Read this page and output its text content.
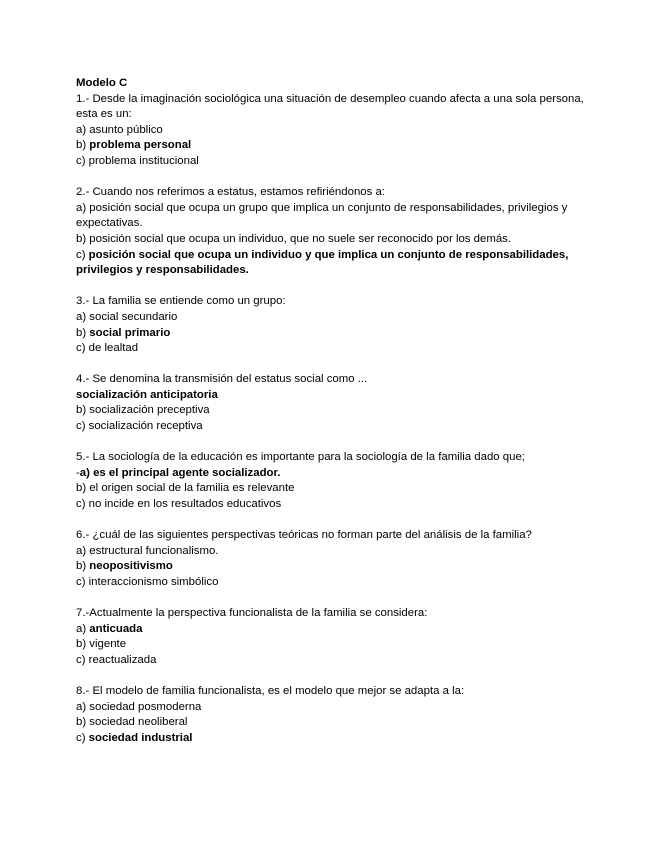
Modelo C

1.- Desde la imaginación sociológica una situación de desempleo cuando afecta a una sola persona, esta es un:
a) asunto público
b) problema personal
c) problema institucional
2.- Cuando nos referimos a estatus, estamos refiriéndonos a:
a) posición social que ocupa un grupo que implica un conjunto de responsabilidades, privilegios y expectativas.
b) posición social que ocupa un individuo, que no suele ser reconocido por los demás.
c) posición social que ocupa un individuo y que implica un conjunto de responsabilidades, privilegios y responsabilidades.
3.- La familia se entiende como un grupo:
a) social secundario
b) social primario
c) de lealtad
4.- Se denomina la transmisión del estatus social como ...
socialización anticipatoria
b) socialización preceptiva
c) socialización receptiva
5.- La sociología de la educación es importante para la sociología de la familia dado que;
-a) es el principal agente socializador.
b) el origen social de la familia es relevante
c) no incide en los resultados educativos
6.- ¿cuál de las siguientes perspectivas teóricas no forman parte del análisis de la familia?
a) estructural funcionalismo.
b) neopositivismo
c) interaccionismo simbólico
7.-Actualmente la perspectiva funcionalista de la familia se considera:
a) anticuada
b) vigente
c) reactualizada
8.- El modelo de familia funcionalista, es el modelo que mejor se adapta a la:
a) sociedad posmoderna
b) sociedad neoliberal
c) sociedad industrial
